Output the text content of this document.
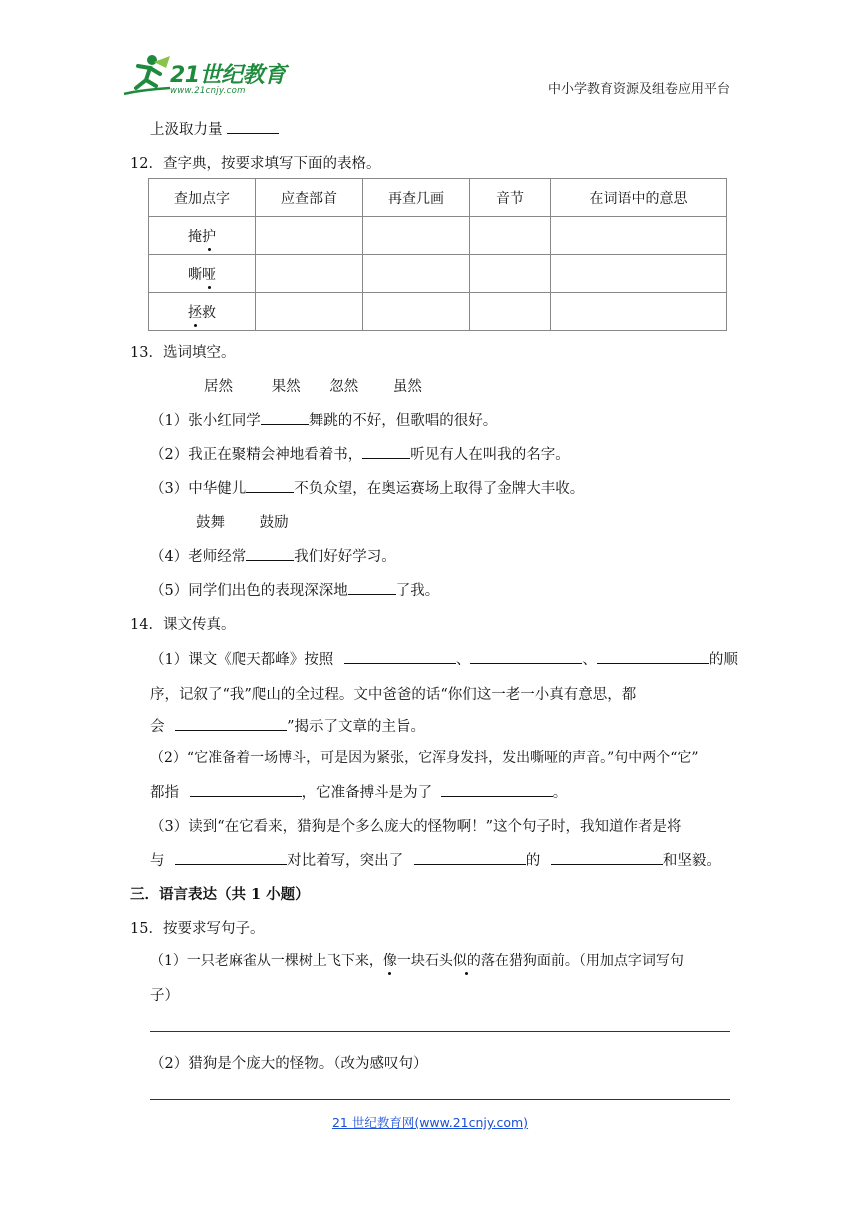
21世纪教育
www.21cnjy.com	中小学教育资源及组卷应用平台
上汲取力量
12．查字典，按要求填写下面的表格。
查加点字	应查部首	再查几画	音节	在词语中的意思
掩护				
嘶哑				
拯救				
13．选词填空。
居然	果然 忽然 虽然
（1）张小红同学	舞跳的不好，但歌唱的很好。
（2）我正在聚精会神地看着书，	听见有人在叫我的名字。
（3）中华健儿	不负众望，在奥运赛场上取得了金牌大丰收。
鼓舞 鼓励
（4）老师经常	我们好好学习。
（5）同学们出色的表现深深地	了我。
14．课文传真。
（1）课文《爬天都峰》按照	、	、	的顺
序，记叙了“我”爬山的全过程。文中爸爸的话“你们这一老一小真有意思，都
会	”揭示了文章的主旨。
（2）“它准备着一场博斗，可是因为紧张，它浑身发抖，发出嘶哑的声音。”句中两个“它”
都指	，它准备搏斗是为了	。
（3）读到“在它看来，猎狗是个多么庞大的怪物啊！”这个句子时，我知道作者是将
与	对比着写，突出了	的	和坚毅。
三．语言表达（共 1 小题）
15．按要求写句子。
（1）一只老麻雀从一棵树上飞下来，像一块石头似的落在猎狗面前。（用加点字词写句
子）
（2）猎狗是个庞大的怪物。（改为感叹句）
21 世纪教育网(www.21cnjy.com)
